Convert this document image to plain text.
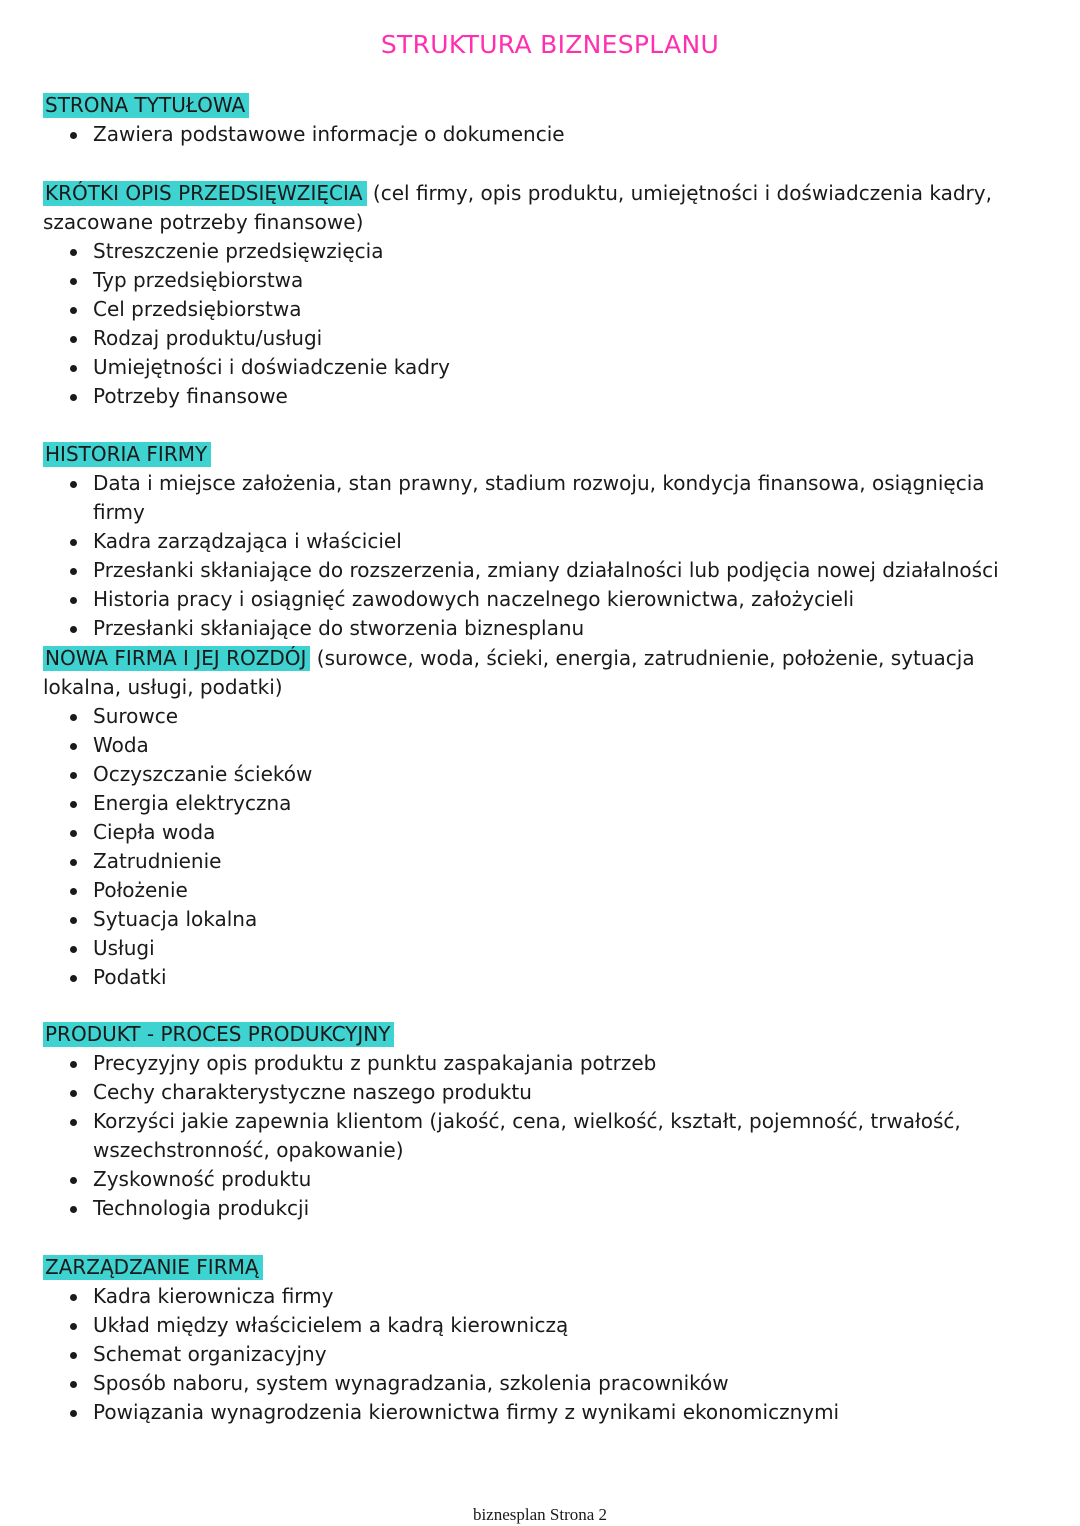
STRUKTURA BIZNESPLANU
STRONA TYTUŁOWA
Zawiera podstawowe informacje o dokumencie
KRÓTKI OPIS PRZEDSIĘWZIĘCIA (cel firmy, opis produktu, umiejętności i doświadczenia kadry,
szacowane potrzeby finansowe)
Streszczenie przedsięwzięcia
Typ przedsiębiorstwa
Cel przedsiębiorstwa
Rodzaj produktu/usługi
Umiejętności i doświadczenie kadry
Potrzeby finansowe
HISTORIA FIRMY
Data i miejsce założenia, stan prawny, stadium rozwoju, kondycja finansowa, osiągnięcia firmy
Kadra zarządzająca i właściciel
Przesłanki skłaniające do rozszerzenia, zmiany działalności lub podjęcia nowej działalności
Historia pracy i osiągnięć zawodowych naczelnego kierownictwa, założycieli
Przesłanki skłaniające do stworzenia biznesplanu
NOWA FIRMA I JEJ ROZDÓJ (surowce, woda, ścieki, energia, zatrudnienie, położenie, sytuacja
lokalna, usługi, podatki)
Surowce
Woda
Oczyszczanie ścieków
Energia elektryczna
Ciepła woda
Zatrudnienie
Położenie
Sytuacja lokalna
Usługi
Podatki
PRODUKT - PROCES PRODUKCYJNY
Precyzyjny opis produktu z punktu zaspakajania potrzeb
Cechy charakterystyczne naszego produktu
Korzyści jakie zapewnia klientom (jakość, cena, wielkość, kształt, pojemność, trwałość, wszechstronność, opakowanie)
Zyskowność produktu
Technologia produkcji
ZARZĄDZANIE FIRMĄ
Kadra kierownicza firmy
Układ między właścicielem a kadrą kierowniczą
Schemat organizacyjny
Sposób naboru, system wynagradzania, szkolenia pracowników
Powiązania wynagrodzenia kierownictwa firmy z wynikami ekonomicznymi
biznesplan Strona 2
